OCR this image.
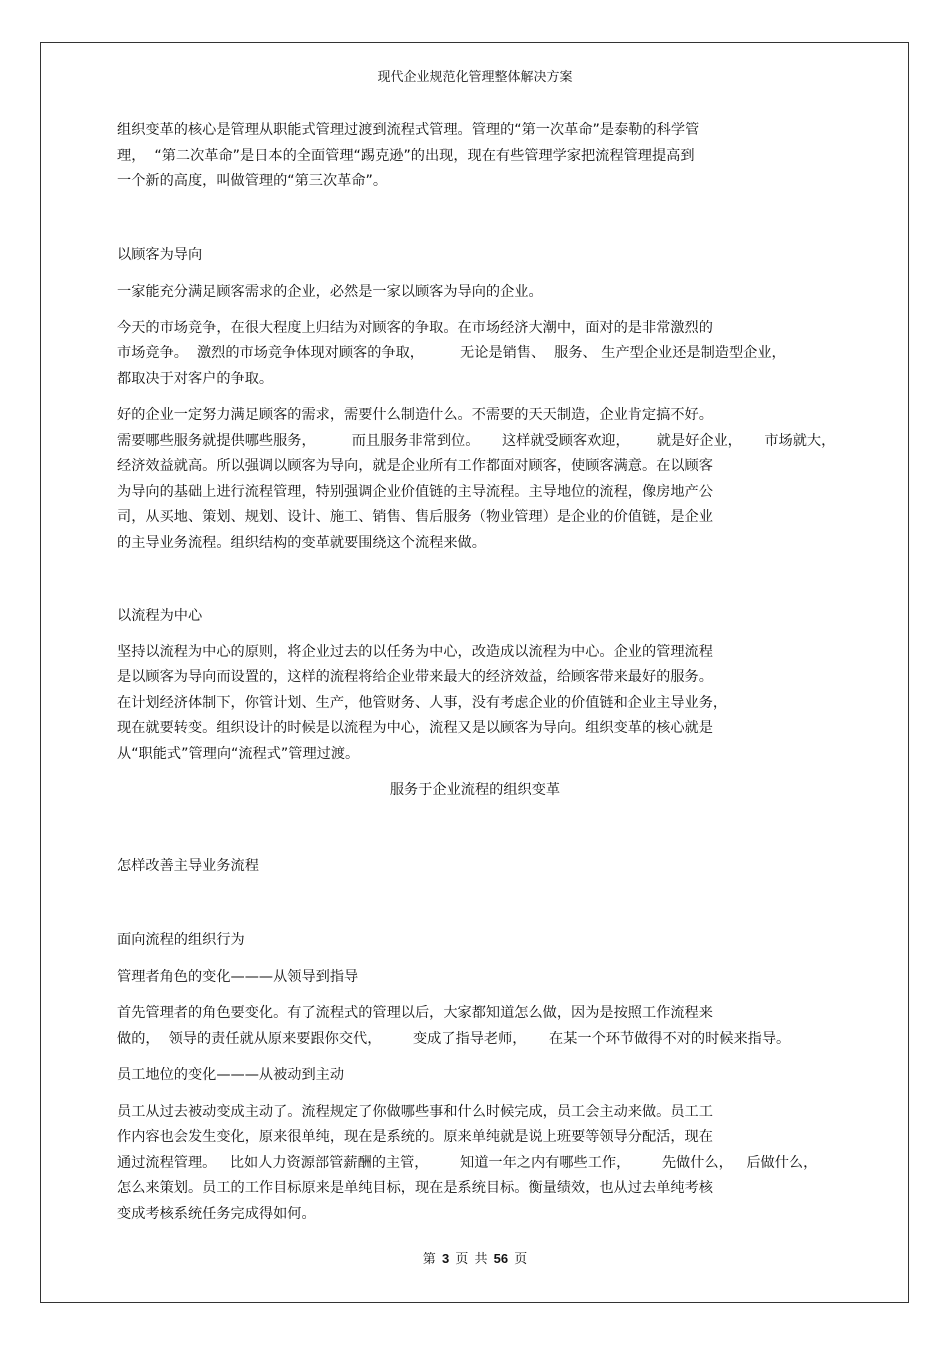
现代企业规范化管理整体解决方案
组织变革的核心是管理从职能式管理过渡到流程式管理。管理的“第一次革命”是泰勒的科学管
理，  “第二次革命”是日本的全面管理“踢克逊”的出现，现在有些管理学家把流程管理提高到
一个新的高度，叫做管理的“第三次革命”。
以顾客为导向
一家能充分满足顾客需求的企业，必然是一家以顾客为导向的企业。
今天的市场竞争，在很大程度上归结为对顾客的争取。在市场经济大潮中，面对的是非常激烈的
市场竞争。  激烈的市场竞争体现对顾客的争取，        无论是销售、  服务、 生产型企业还是制造型企业，
都取决于对客户的争取。
好的企业一定努力满足顾客的需求，需要什么制造什么。不需要的天天制造，企业肯定搞不好。
需要哪些服务就提供哪些服务，        而且服务非常到位。     这样就受顾客欢迎，      就是好企业，     市场就大，
经济效益就高。所以强调以顾客为导向，就是企业所有工作都面对顾客，使顾客满意。在以顾客
为导向的基础上进行流程管理，特别强调企业价值链的主导流程。主导地位的流程，像房地产公
司，从买地、策划、规划、设计、施工、销售、售后服务（物业管理）是企业的价值链，是企业
的主导业务流程。组织结构的变革就要围绕这个流程来做。
以流程为中心
坚持以流程为中心的原则，将企业过去的以任务为中心，改造成以流程为中心。企业的管理流程
是以顾客为导向而设置的，这样的流程将给企业带来最大的经济效益，给顾客带来最好的服务。
在计划经济体制下，你管计划、生产，他管财务、人事，没有考虑企业的价值链和企业主导业务，
现在就要转变。组织设计的时候是以流程为中心，流程又是以顾客为导向。组织变革的核心就是
从“职能式”管理向“流程式”管理过渡。
服务于企业流程的组织变革
怎样改善主导业务流程
面向流程的组织行为
管理者角色的变化———从领导到指导
首先管理者的角色要变化。有了流程式的管理以后，大家都知道怎么做，因为是按照工作流程来
做的，  领导的责任就从原来要跟你交代，       变成了指导老师，     在某一个环节做得不对的时候来指导。
员工地位的变化———从被动到主动
员工从过去被动变成主动了。流程规定了你做哪些事和什么时候完成，员工会主动来做。员工工
作内容也会发生变化，原来很单纯，现在是系统的。原来单纯就是说上班要等领导分配活，现在
通过流程管理。   比如人力资源部管薪酬的主管，       知道一年之内有哪些工作，       先做什么，   后做什么，
怎么来策划。员工的工作目标原来是单纯目标，现在是系统目标。衡量绩效，也从过去单纯考核
变成考核系统任务完成得如何。
第 3 页 共 56 页
